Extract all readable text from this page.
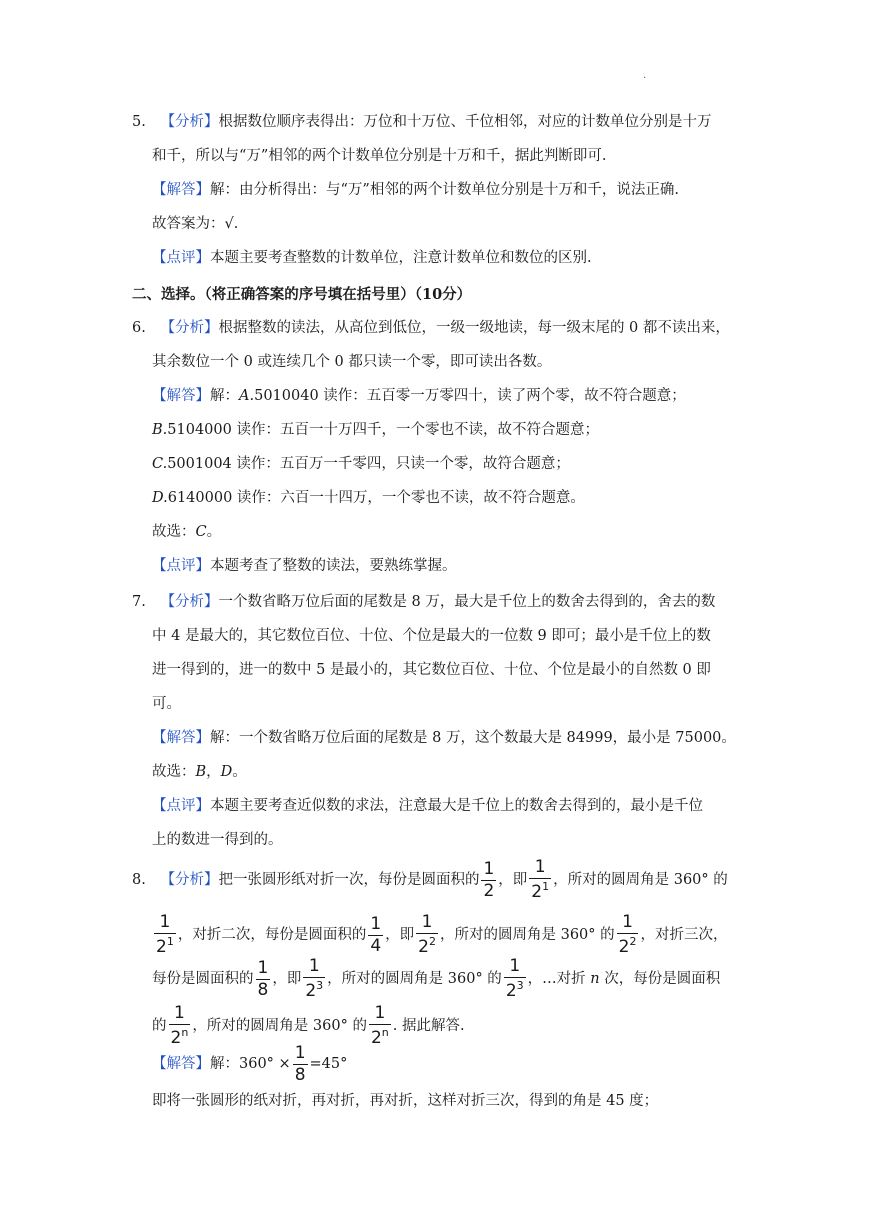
.
5. 【分析】根据数位顺序表得出：万位和十万位、千位相邻，对应的计数单位分别是十万
和千，所以与“万”相邻的两个计数单位分别是十万和千，据此判断即可.
【解答】解：由分析得出：与“万”相邻的两个计数单位分别是十万和千，说法正确.
故答案为：√.
【点评】本题主要考查整数的计数单位，注意计数单位和数位的区别.
二、选择。（将正确答案的序号填在括号里）（10分）
6. 【分析】根据整数的读法，从高位到低位，一级一级地读，每一级末尾的 0 都不读出来，
其余数位一个 0 或连续几个 0 都只读一个零，即可读出各数。
【解答】解：A.5010040 读作：五百零一万零四十，读了两个零，故不符合题意；
B.5104000 读作：五百一十万四千，一个零也不读，故不符合题意；
C.5001004 读作：五百万一千零四，只读一个零，故符合题意；
D.6140000 读作：六百一十四万，一个零也不读，故不符合题意。
故选：C。
【点评】本题考查了整数的读法，要熟练掌握。
7. 【分析】一个数省略万位后面的尾数是 8 万，最大是千位上的数舍去得到的，舍去的数
中 4 是最大的，其它数位百位、十位、个位是最大的一位数 9 即可；最小是千位上的数
进一得到的，进一的数中 5 是最小的，其它数位百位、十位、个位是最小的自然数 0 即
可。
【解答】解：一个数省略万位后面的尾数是 8 万，这个数最大是 84999，最小是 75000。
故选：B，D。
【点评】本题主要考查近似数的求法，注意最大是千位上的数舍去得到的，最小是千位
上的数进一得到的。
8. 【分析】把一张圆形纸对折一次，每份是圆面积的 $\frac{1}{2}$ ，即 $\frac{1}{2^1}$ ，所对的圆周角是 360° 的
$\frac{1}{2^1}$ ，对折二次，每份是圆面积的 $\frac{1}{4}$ ，即 $\frac{1}{2^2}$ ，所对的圆周角是 360° 的 $\frac{1}{2^2}$ ，对折三次，
每份是圆面积的 $\frac{1}{8}$ ，即 $\frac{1}{2^3}$ ，所对的圆周角是 360° 的 $\frac{1}{2^3}$ ，…对折 n 次，每份是圆面积
的 $\frac{1}{2^n}$ ，所对的圆周角是 360° 的 $\frac{1}{2^n}$ . 据此解答.
【解答】解：$360^\circ \times \frac{1}{8} =45^\circ$
即将一张圆形的纸对折，再对折，再对折，这样对折三次，得到的角是 45 度；
